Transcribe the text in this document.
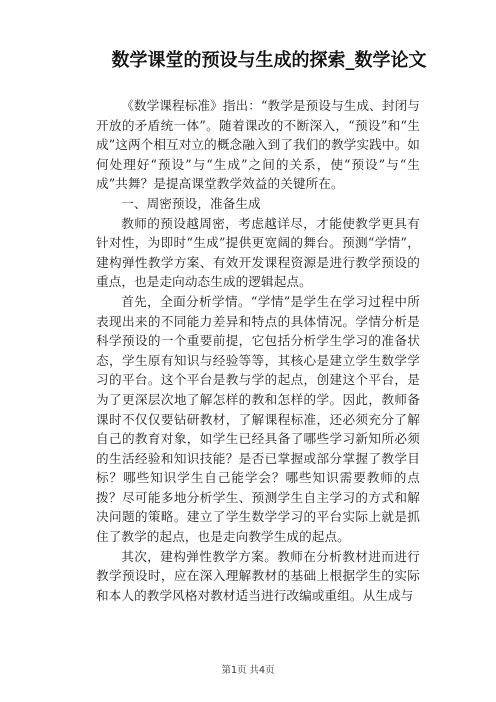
数学课堂的预设与生成的探索_数学论文

《数学课程标准》指出：“教学是预设与生成、封闭与开放的矛盾统一体”。随着课改的不断深入，“预设”和“生成”这两个相互对立的概念融入到了我们的教学实践中。如何处理好“预设”与“生成”之间的关系，使“预设”与“生成”共舞？是提高课堂教学效益的关键所在。

一、周密预设，准备生成

教师的预设越周密，考虑越详尽，才能使教学更具有针对性，为即时“生成”提供更宽阔的舞台。预测“学情”，建构弹性教学方案、有效开发课程资源是进行教学预设的重点，也是走向动态生成的逻辑起点。

首先，全面分析学情。“学情”是学生在学习过程中所表现出来的不同能力差异和特点的具体情况。学情分析是科学预设的一个重要前提，它包括分析学生学习的准备状态，学生原有知识与经验等等，其核心是建立学生数学学习的平台。这个平台是教与学的起点，创建这个平台，是为了更深层次地了解怎样的教和怎样的学。因此，教师备课时不仅仅要钻研教材，了解课程标准，还必须充分了解自己的教育对象，如学生已经具备了哪些学习新知所必须的生活经验和知识技能？是否已掌握或部分掌握了教学目标？哪些知识学生自己能学会？哪些知识需要教师的点拨？尽可能多地分析学生、预测学生自主学习的方式和解决问题的策略。建立了学生数学学习的平台实际上就是抓住了教学的起点，也是走向教学生成的起点。

其次，建构弹性教学方案。教师在分析教材进而进行教学预设时，应在深入理解教材的基础上根据学生的实际和本人的教学风格对教材适当进行改编或重组。从生成与

第1页 共4页
